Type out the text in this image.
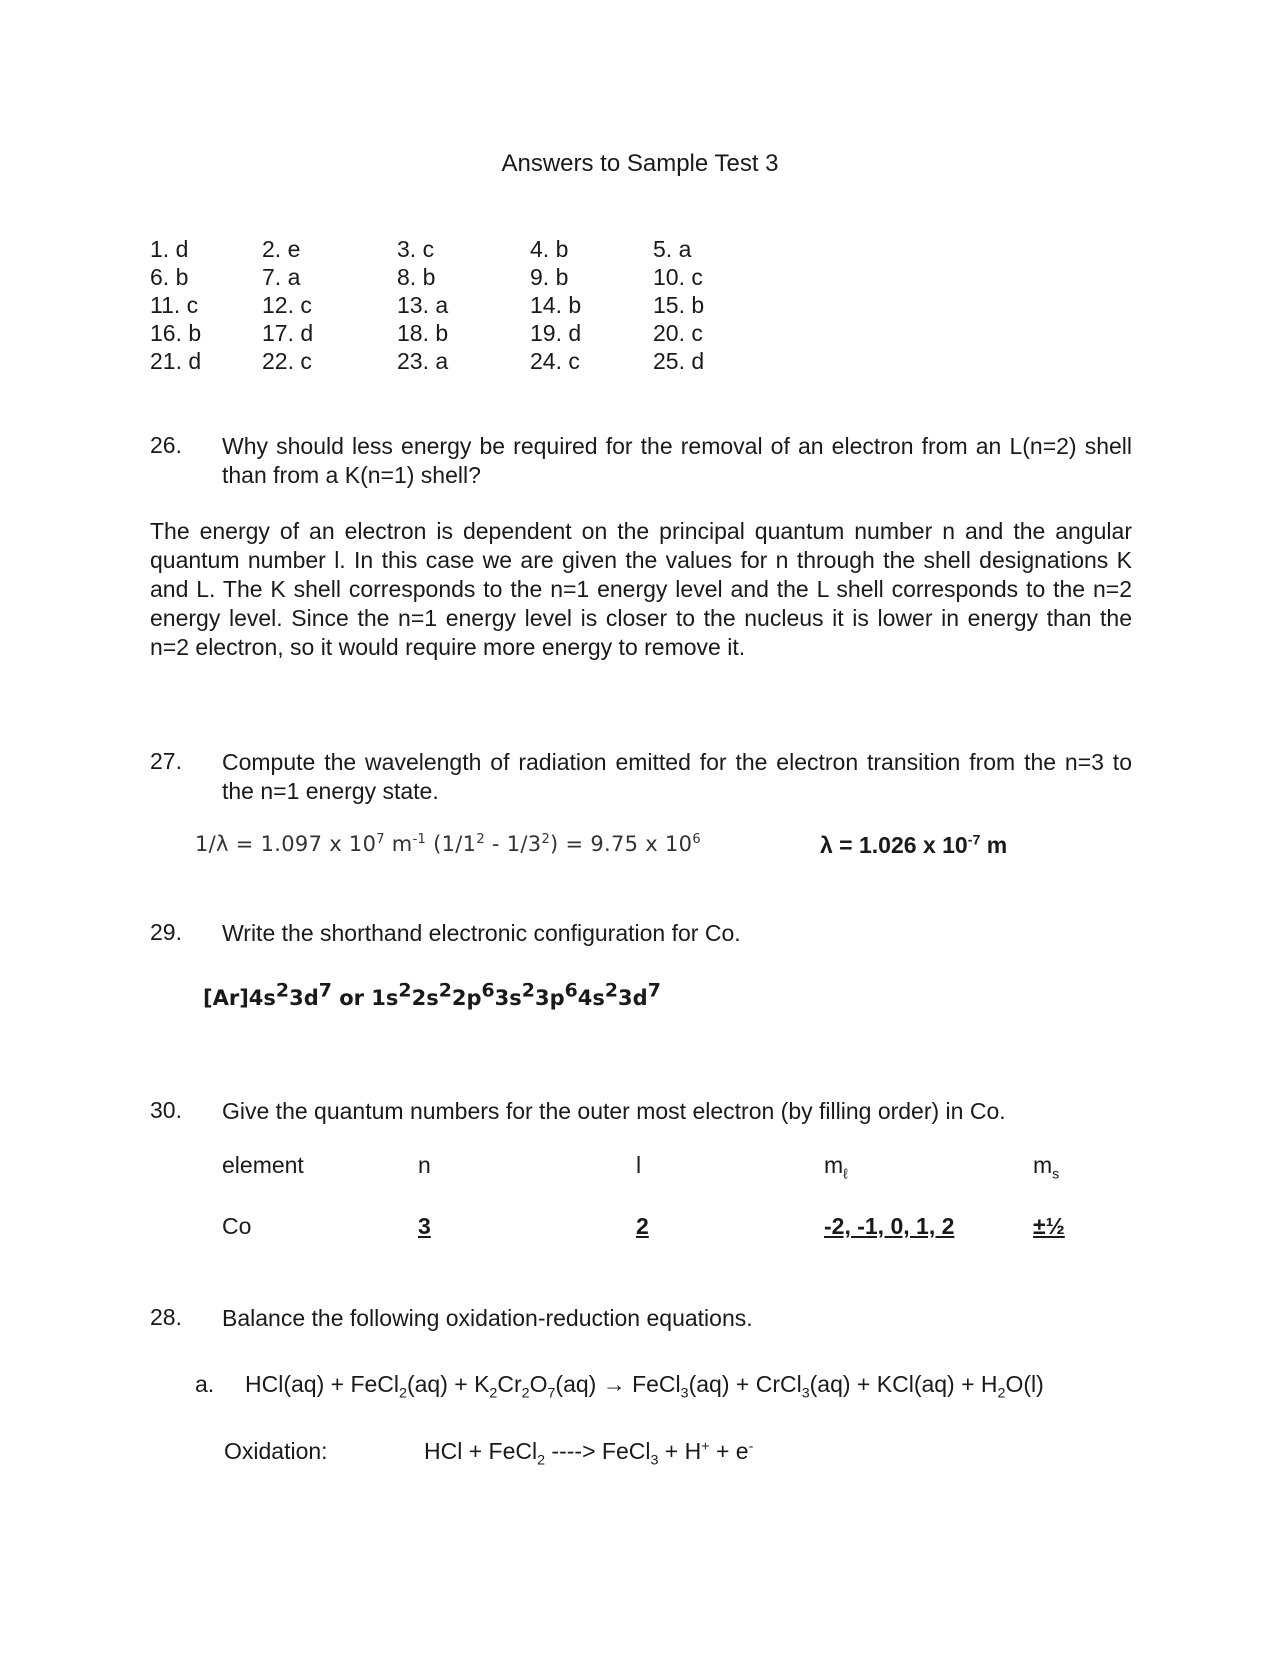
Answers to Sample Test 3
1. d	2. e	3. c	4. b	5. a
6. b	7. a	8. b	9. b	10. c
11. c	12. c	13. a	14. b	15. b
16. b	17. d	18. b	19. d	20. c
21. d	22. c	23. a	24. c	25. d
26. Why should less energy be required for the removal of an electron from an L(n=2) shell than from a K(n=1) shell?
The energy of an electron is dependent on the principal quantum number n and the angular quantum number l. In this case we are given the values for n through the shell designations K and L. The K shell corresponds to the n=1 energy level and the L shell corresponds to the n=2 energy level. Since the n=1 energy level is closer to the nucleus it is lower in energy than the n=2 electron, so it would require more energy to remove it.
27. Compute the wavelength of radiation emitted for the electron transition from the n=3 to the n=1 energy state.
1/λ = 1.097 x $10^7$ $m^{-1}$ $(1/1^2 - 1/3^2) = 9.75$ x $10^6$	λ = 1.026 x $10^{-7}$ m
29. Write the shorthand electronic configuration for Co.
$[Ar]4s^23d^7$ or $1s^22s^22p^63s^23p^64s^23d^7$
30. Give the quantum numbers for the outer most electron (by filling order) in Co.
element	n	l	$m_\ell$	$m_s$
Co	3	2	-2, -1, 0, 1, 2	±½
28. Balance the following oxidation-reduction equations.
a. HCl(aq) + FeCl$_2$(aq) + $K_2Cr_2O_7(aq)$ → FeCl$_3$(aq) + CrCl$_3$(aq) + $KCl(aq) + H_2O(l)$
Oxidation:	HCl + FeCl$_2$ ----> FeCl$_3$ + H+ + e-
